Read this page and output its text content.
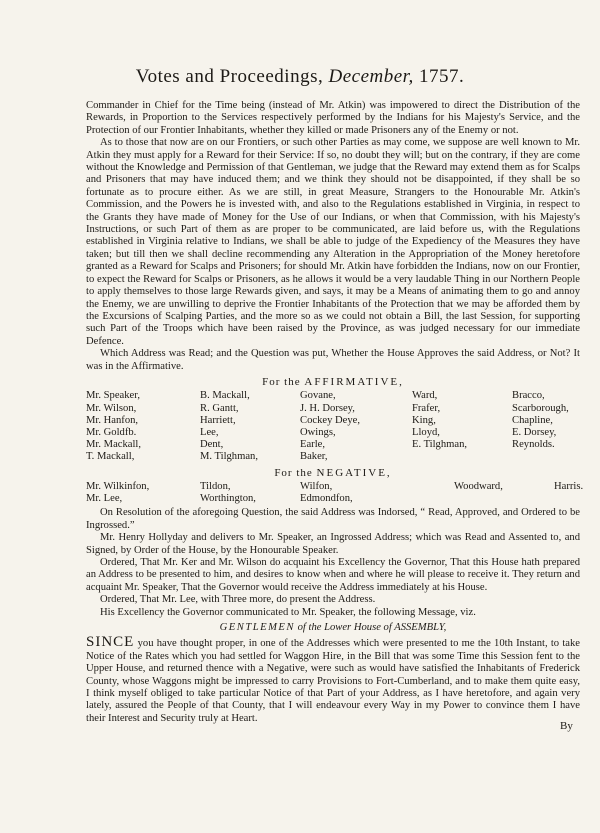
Votes and Proceedings, December, 1757.

Commander in Chief for the Time being (instead of Mr. Atkin) was impowered to direct the Distribution of the Rewards, in Proportion to the Services respectively performed by the Indians for his Majesty's Service, and the Protection of our Frontier Inhabitants, whether they killed or made Prisoners any of the Enemy or not.

As to those that now are on our Frontiers, or such other Parties as may come, we suppose are well known to Mr. Atkin they must apply for a Reward for their Service: If so, no doubt they will; but on the contrary, if they are come without the Knowledge and Permission of that Gentleman, we judge that the Reward may extend them as for Scalps and Prisoners that may have induced them; and we think they should not be disappointed, if they shall be so fortunate as to procure either. As we are still, in great Measure, Strangers to the Honourable Mr. Atkin's Commission, and the Powers he is invested with, and also to the Regulations established in Virginia, in respect to the Grants they have made of Money for the Use of our Indians, or when that Commission, with his Majesty's Instructions, or such Part of them as are proper to be communicated, are laid before us, with the Regulations established in Virginia relative to Indians, we shall be able to judge of the Expediency of the Measures they have taken; but till then we shall decline recommending any Alteration in the Appropriation of the Money heretofore granted as a Reward for Scalps and Prisoners; for should Mr. Atkin have forbidden the Indians, now on our Frontier, to expect the Reward for Scalps or Prisoners, as he allows it would be a very laudable Thing in our Northern People to apply themselves to those large Rewards given, and says, it may be a Means of animating them to go and annoy the Enemy, we are unwilling to deprive the Frontier Inhabitants of the Protection that we may be afforded them by the Excursions of Scalping Parties, and the more so as we could not obtain a Bill, the last Session, for supporting such Part of the Troops which have been raised by the Province, as was judged necessary for our immediate Defence.

Which Address was Read; and the Question was put, Whether the House Approves the said Address, or Not? It was in the Affirmative.

For the AFFIRMATIVE,
Mr. Speaker,	B. Mackall,	Govane,	Ward,	Bracco,
Mr. Wilson,	R. Gantt,	J. H. Dorsey,	Frafer,	Scarborough,
Mr. Hanfon,	Harriett,	Cockey Deye,	King,	Chapline,
Mr. Goldfb.	Lee,	Owings,	Lloyd,	E. Dorsey,
Mr. Mackall,	Dent,	Earle,	E. Tilghman,	Reynolds.
T. Mackall,	M. Tilghman,	Baker,
For the NEGATIVE,
Mr. Wilkinfon,	Tildon,	Wilfon,	Woodward,	Harris.
Mr. Lee,	Worthington,	Edmondfon,

On Resolution of the aforegoing Question, the said Address was Indorsed, “ Read, Approved, and Ordered to be Ingrossed.”

Mr. Henry Hollyday and delivers to Mr. Speaker, an Ingrossed Address; which was Read and Assented to, and Signed, by Order of the House, by the Honourable Speaker.

Ordered, That Mr. Ker and Mr. Wilson do acquaint his Excellency the Governor, That this House hath prepared an Address to be presented to him, and desires to know when and where he will please to receive it. They return and acquaint Mr. Speaker, That the Governor would receive the Address immediately at his House.

Ordered, That Mr. Lee, with Three more, do present the Address.

His Excellency the Governor communicated to Mr. Speaker, the following Message, viz.

GENTLEMEN of the Lower House of ASSEMBLY,

SINCE you have thought proper, in one of the Addresses which were presented to me the 10th Instant, to take Notice of the Rates which you had settled for Waggon Hire, in the Bill that was some Time this Session fent to the Upper House, and returned thence with a Negative, were such as would have satisfied the Inhabitants of Frederick County, whose Waggons might be impressed to carry Provisions to Fort-Cumberland, and to make them quite easy, I think myself obliged to take particular Notice of that Part of your Address, as I have heretofore, and again very lately, assured the People of that County, that I will endeavour every Way in my Power to convince them I have their Interest and Security truly at Heart.

By
